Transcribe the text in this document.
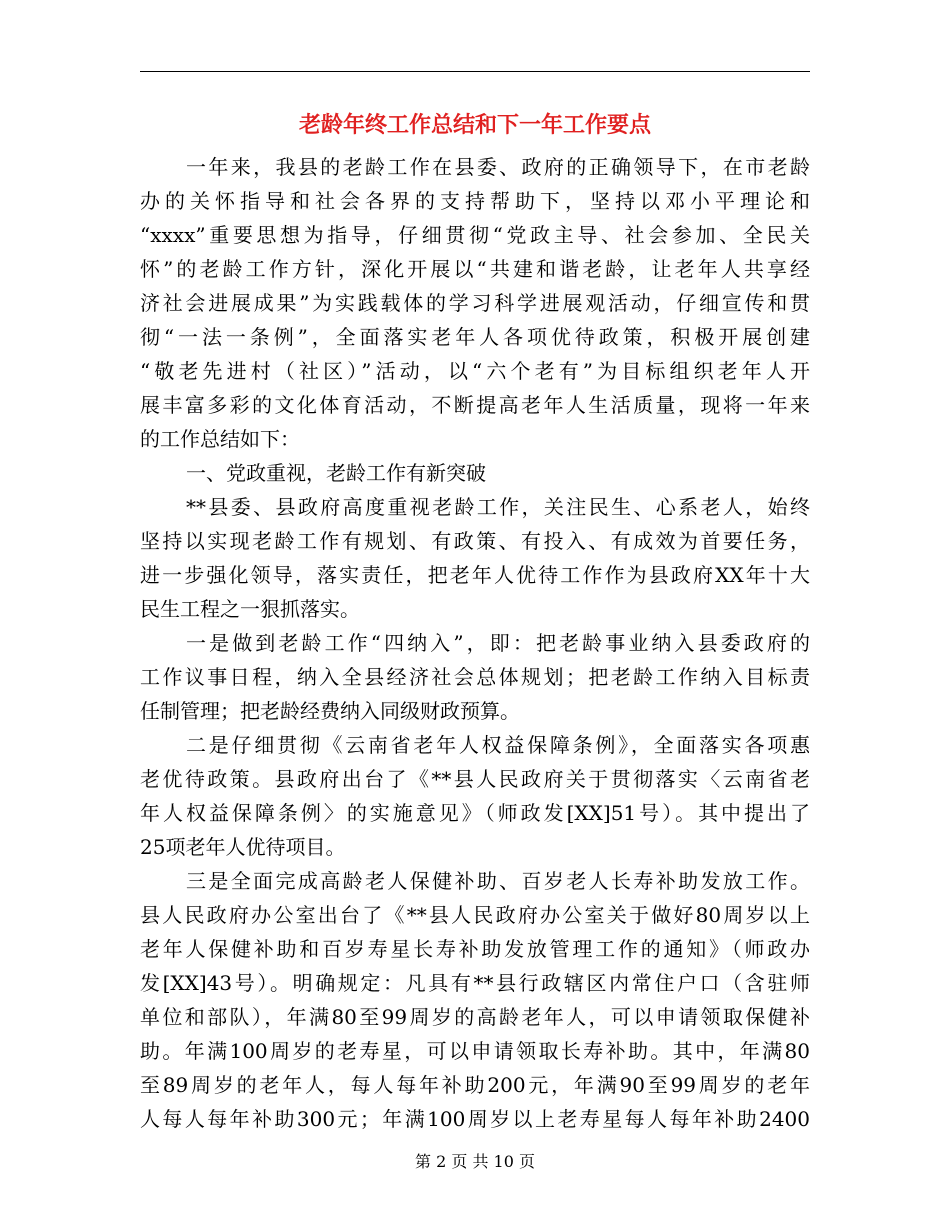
老龄年终工作总结和下一年工作要点
一年来，我县的老龄工作在县委、政府的正确领导下，在市老龄
办的关怀指导和社会各界的支持帮助下，坚持以邓小平理论和
“xxxx”重要思想为指导，仔细贯彻“党政主导、社会参加、全民关
怀”的老龄工作方针，深化开展以“共建和谐老龄，让老年人共享经
济社会进展成果”为实践载体的学习科学进展观活动，仔细宣传和贯
彻“一法一条例”，全面落实老年人各项优待政策，积极开展创建
“敬老先进村（社区）”活动，以“六个老有”为目标组织老年人开
展丰富多彩的文化体育活动，不断提高老年人生活质量，现将一年来
的工作总结如下：
一、党政重视，老龄工作有新突破
**县委、县政府高度重视老龄工作，关注民生、心系老人，始终
坚持以实现老龄工作有规划、有政策、有投入、有成效为首要任务，
进一步强化领导，落实责任，把老年人优待工作作为县政府XX年十大
民生工程之一狠抓落实。
一是做到老龄工作“四纳入”，即：把老龄事业纳入县委政府的
工作议事日程，纳入全县经济社会总体规划；把老龄工作纳入目标责
任制管理；把老龄经费纳入同级财政预算。
二是仔细贯彻《云南省老年人权益保障条例》，全面落实各项惠
老优待政策。县政府出台了《**县人民政府关于贯彻落实〈云南省老
年人权益保障条例〉的实施意见》（师政发[XX]51号）。其中提出了
25项老年人优待项目。
三是全面完成高龄老人保健补助、百岁老人长寿补助发放工作。
县人民政府办公室出台了《**县人民政府办公室关于做好80周岁以上
老年人保健补助和百岁寿星长寿补助发放管理工作的通知》（师政办
发[XX]43号）。明确规定：凡具有**县行政辖区内常住户口（含驻师
单位和部队），年满80至99周岁的高龄老年人，可以申请领取保健补
助。年满100周岁的老寿星，可以申请领取长寿补助。其中，年满80
至89周岁的老年人，每人每年补助200元，年满90至99周岁的老年
人每人每年补助300元；年满100周岁以上老寿星每人每年补助2400
第 2 页 共 10 页
